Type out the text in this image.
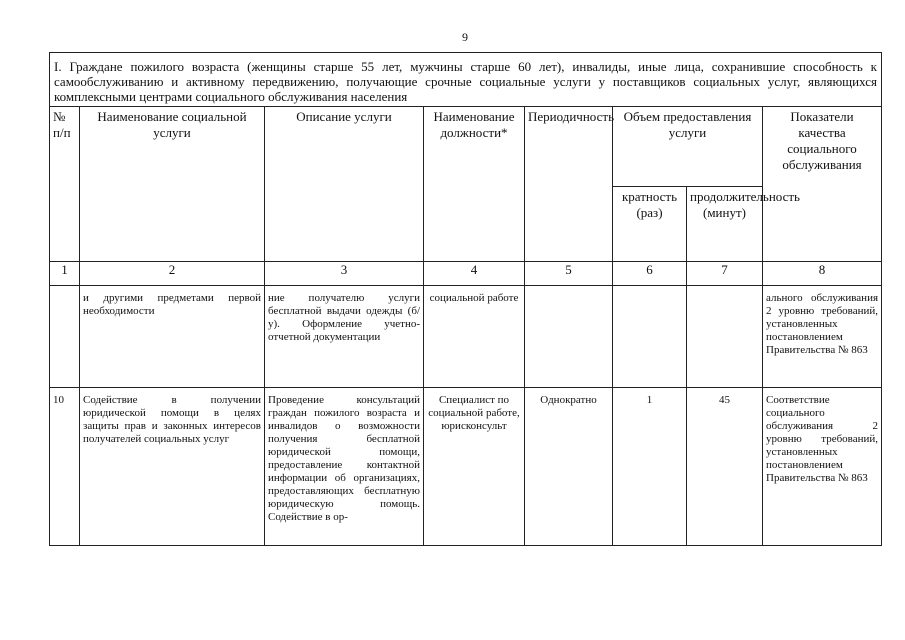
9
I. Граждане пожилого возраста (женщины старше 55 лет, мужчины старше 60 лет), инвалиды, иные лица, сохранившие способность к самообслуживанию и активному передвижению, получающие срочные социальные услуги у поставщиков социальных услуг, являющихся комплексными центрами социального обслуживания населения							
№ п/п	Наименование социальной услуги	Описание услуги	Наименование должности*	Периодичность	Объем предоставления услуги		Показатели качества социального обслуживания
					кратность (раз)	продолжительность (минут)	
1	2	3	4	5	6	7	8
	и другими предметами первой необходимости	ние получателю услуги бесплатной выдачи одежды (б/у). Оформление учетно-отчетной документации	социальной работе				ального обслуживания 2 уровню требований, установленных постановлением Правительства № 863
10	Содействие в получении юридической помощи в целях защиты прав и законных интересов получателей социальных услуг	Проведение консультаций граждан пожилого возраста и инвалидов о возможности получения бесплатной юридической помощи, предоставление контактной информации об организациях, предоставляющих бесплатную юридическую помощь. Содействие в ор-	Специалист по социальной работе, юрисконсульт	Однократно	1	45	Соответствие социального обслуживания 2 уровню требований, установленных постановлением Правительства № 863
